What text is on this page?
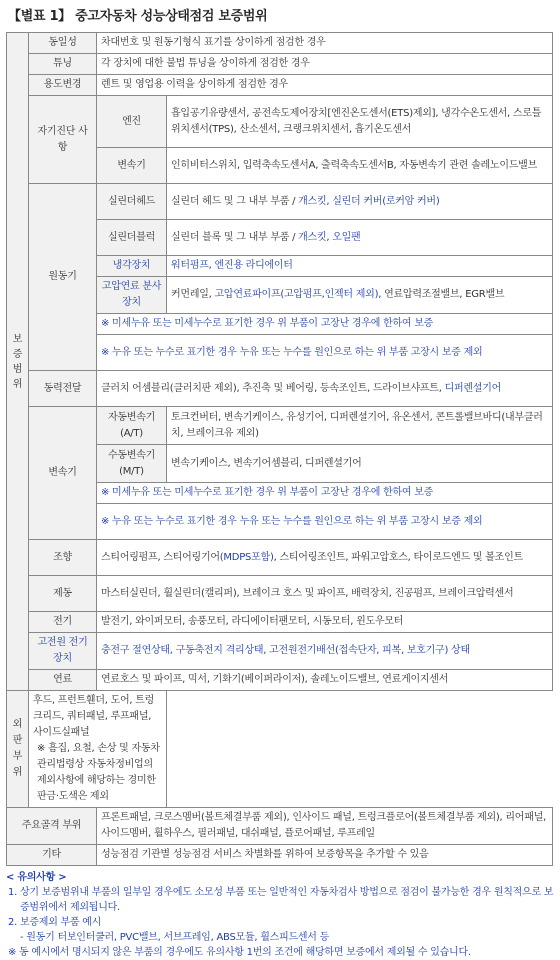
【별표 1】 중고자동차 성능상태점검 보증범위
보증범위	동일성	차대번호 및 원동기형식 표기를 상이하게 점검한 경우	
	튜닝	각 장치에 대한 불법 튜닝을 상이하게 점검한 경우	
	용도변경	렌트 및 영업용 이력을 상이하게 점검한 경우	
	자기진단 사항	엔진	흡입공기유량센서, 공전속도제어장치[엔진온도센서(ETS)제외], 냉각수온도센서, 스로틀위치센서(TPS), 산소센서, 크랭크위치센서, 흡기온도센서
		변속기	인히비터스위치, 입력축속도센서A, 출력축속도센서B, 자동변속기 관련 솔레노이드밸브
	원동기	실린더헤드	실린더 헤드 및 그 내부 부품 / 개스킷, 실린더 커버(로커암 커버)
		실린더블럭	실린더 블록 및 그 내부 부품 / 개스킷, 오일팬
		냉각장치	워터펌프, 엔진용 라디에이터
		고압연료 분사장치	커먼레일, 고압연료파이프(고압펌프,인젝터 제외), 연료압력조절밸브, EGR밸브
		※ 미세누유 또는 미세누수로 표기한 경우 위 부품이 고장난 경우에 한하여 보증	
		※ 누유 또는 누수로 표기한 경우 누유 또는 누수를 원인으로 하는 위 부품 고장시 보증 제외	
	동력전달	클러치 어셈블리(클러치판 제외), 추진축 및 베어링, 등속조인트, 드라이브샤프트, 디퍼렌셜기어	
	변속기	자동변속기(A/T)	토크컨버터, 변속기케이스, 유성기어, 디퍼렌셜기어, 유온센서, 콘트롤밸브바디(내부클러치, 브레이크유 제외)
		수동변속기(M/T)	변속기케이스, 변속기어셈블리, 디퍼렌셜기어
		※ 미세누유 또는 미세누수로 표기한 경우 위 부품이 고장난 경우에 한하여 보증	
		※ 누유 또는 누수로 표기한 경우 누유 또는 누수를 원인으로 하는 위 부품 고장시 보증 제외	
	조향	스티어링펌프, 스티어링기어(MDPS포함), 스티어링조인트, 파워고압호스, 타이로드엔드 및 볼조인트	
	제동	마스터실린더, 휠실린더(캘리퍼), 브레이크 호스 및 파이프, 배력장치, 진공펌프, 브레이크압력센서	
	전기	발전기, 와이퍼모터, 송풍모터, 라디에이터팬모터, 시동모터, 윈도우모터	
	고전원 전기장치	충전구 절연상태, 구동축전지 격리상태, 고전원전기배선(접속단자, 피복, 보호기구) 상태	
	연료	연료호스 및 파이프, 믹서, 기화기(베이퍼라이저), 솔레노이드밸브, 연료게이지센서	
외판부위	후드, 프런트휀더, 도어, 트렁크리드, 쿼터패널, 루프패널, 사이드실패널
※ 흠집, 요철, 손상 및 자동차관리법령상 자동차정비업의 제외사항에 해당하는 경미한 판금·도색은 제외		

주요골격 부위		프론트패널, 크로스멤버(볼트체결부품 제외), 인사이드 패널, 트렁크플로어(볼트체결부품 제외), 리어패널, 사이드멤버, 휠하우스, 필러패널, 대쉬패널, 플로어패널, 루프레일	
기타		성능점검 기관별 성능점검 서비스 차별화를 위하여 보증항목을 추가할 수 있음	
< 유의사항 >
1. 상기 보증범위내 부품의 일부일 경우에도 소모성 부품 또는 일반적인 자동차검사 방법으로 점검이 불가능한 경우 원칙적으로 보증범위에서 제외됩니다.
2. 보증제외 부품 예시
- 원동기 터보인터쿨러, PVC밸브, 서브프레임, ABS모듈, 휠스피드센서 등
※ 동 예시에서 명시되지 않은 부품의 경우에도 유의사항 1번의 조건에 해당하면 보증에서 제외될 수 있습니다.
